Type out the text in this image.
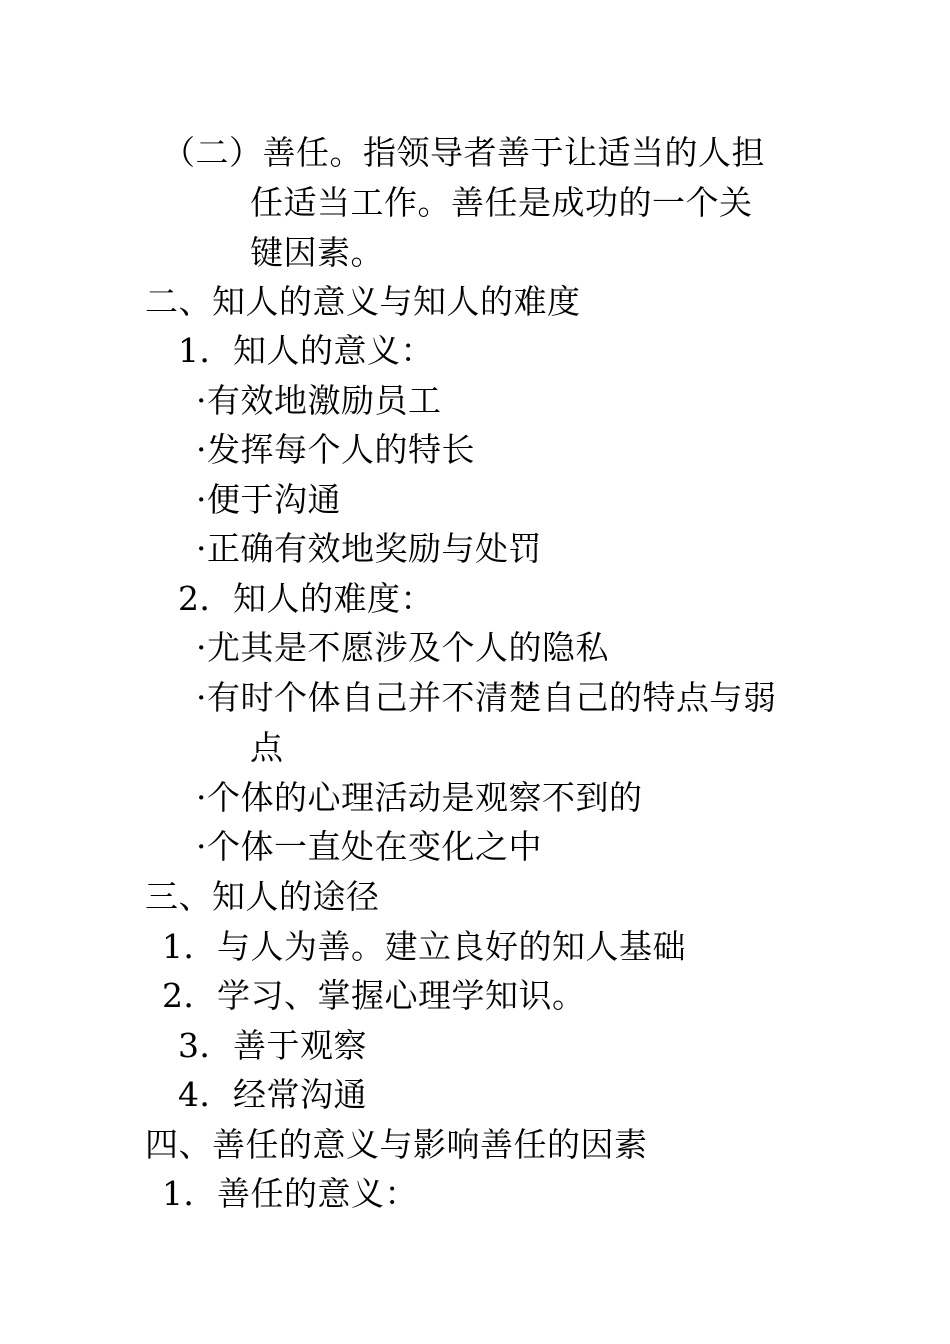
（二）善任。指领导者善于让适当的人担
任适当工作。善任是成功的一个关
键因素。
二、知人的意义与知人的难度
1．知人的意义：
·有效地激励员工
·发挥每个人的特长
·便于沟通
·正确有效地奖励与处罚
2．知人的难度：
·尤其是不愿涉及个人的隐私
·有时个体自己并不清楚自己的特点与弱
点
·个体的心理活动是观察不到的
·个体一直处在变化之中
三、知人的途径
1．与人为善。建立良好的知人基础
2．学习、掌握心理学知识。
3．善于观察
4．经常沟通
四、善任的意义与影响善任的因素
1．善任的意义：
